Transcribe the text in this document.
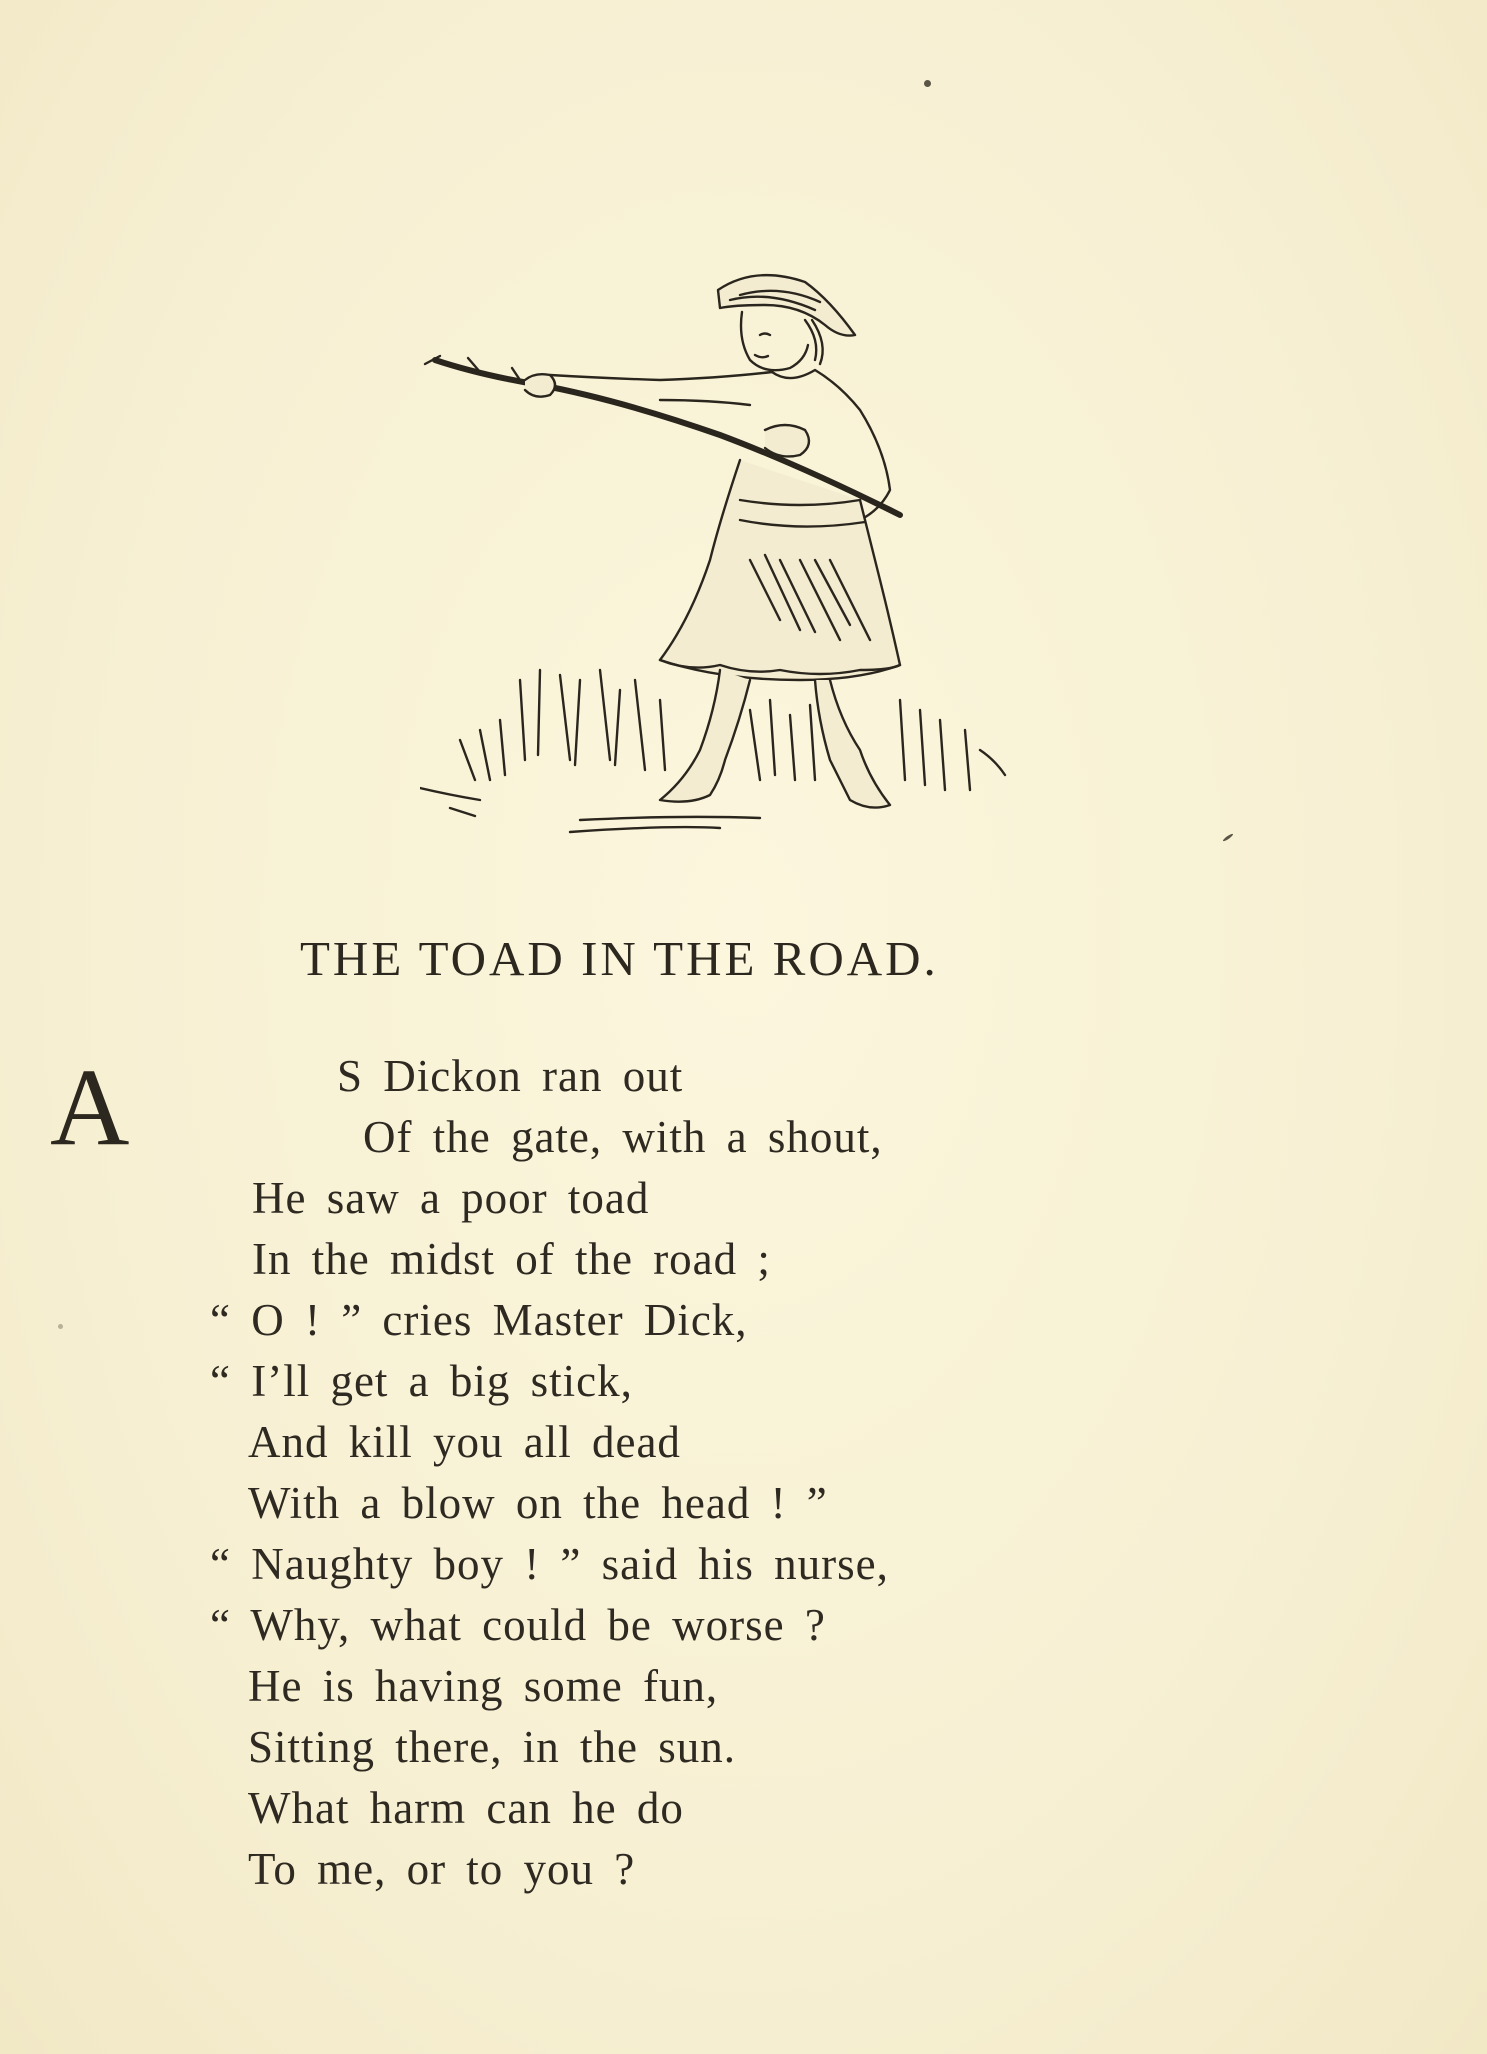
THE TOAD IN THE ROAD.
A	S Dickon ran out
Of the gate, with a shout,
He saw a poor toad
In the midst of the road ;
“ O ! ” cries Master Dick,
“ I’ll get a big stick,
And kill you all dead
With a blow on the head ! ”
“ Naughty boy ! ” said his nurse,
“ Why, what could be worse ?
He is having some fun,
Sitting there, in the sun.
What harm can he do
To me, or to you ?
